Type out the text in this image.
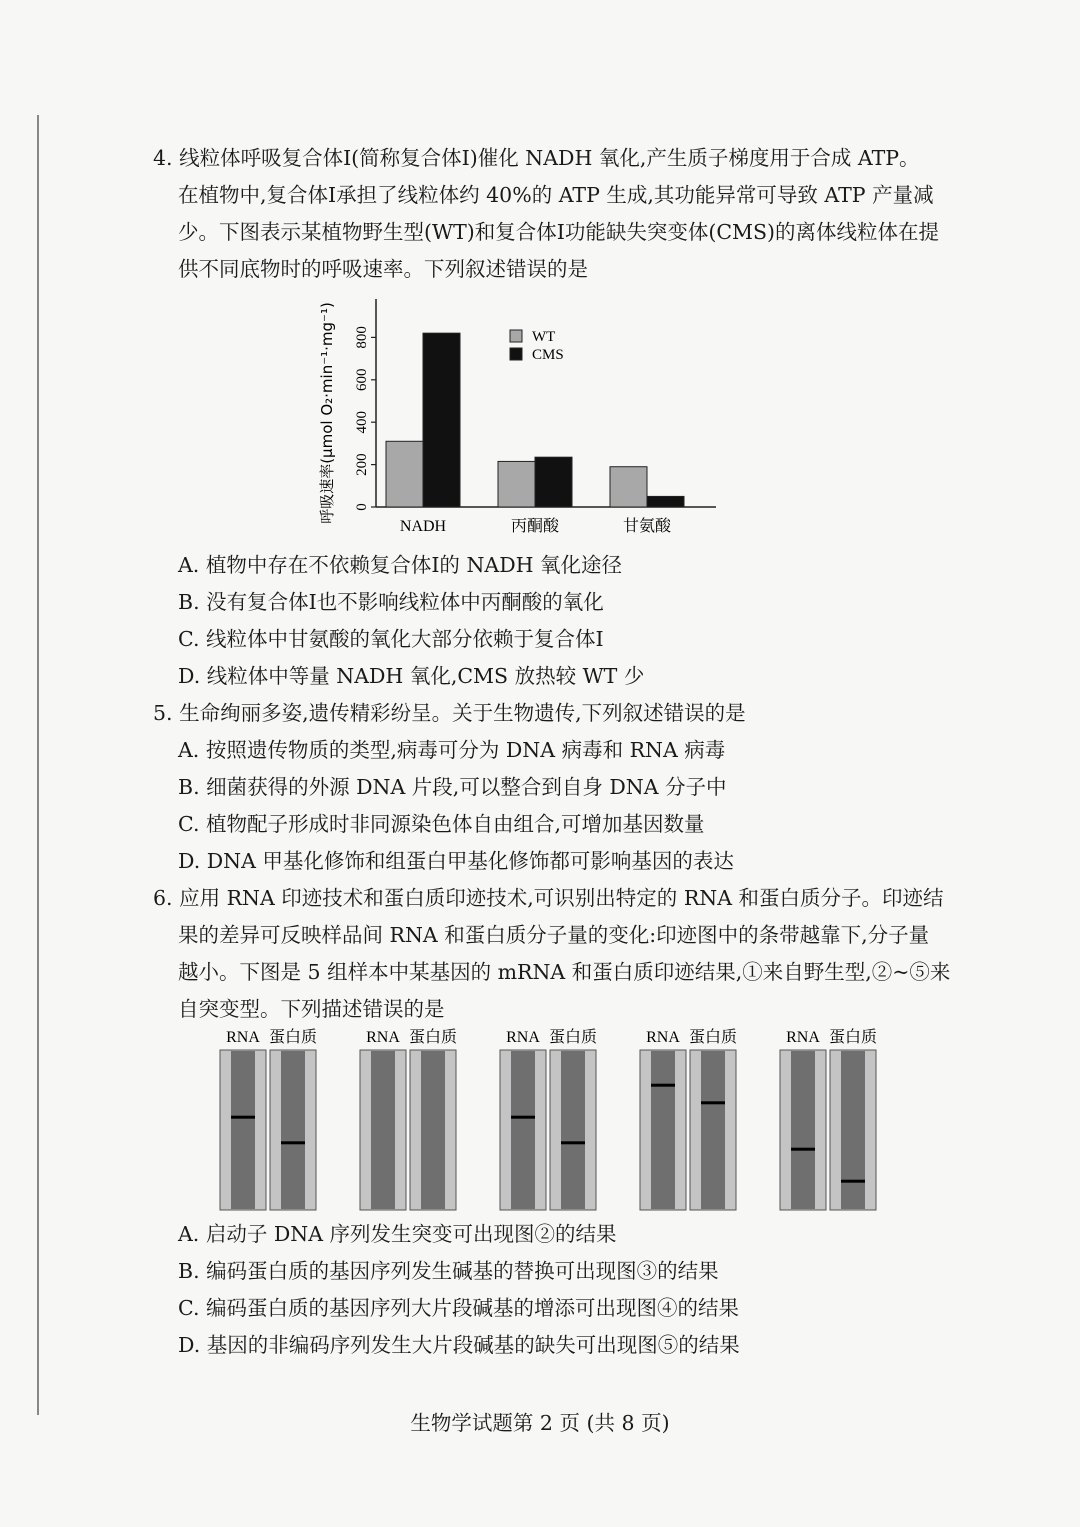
4. 线粒体呼吸复合体Ⅰ(简称复合体Ⅰ)催化 NADH 氧化,产生质子梯度用于合成 ATP。
在植物中,复合体Ⅰ承担了线粒体约 40%的 ATP 生成,其功能异常可导致 ATP 产量减
少。下图表示某植物野生型(WT)和复合体Ⅰ功能缺失突变体(CMS)的离体线粒体在提
供不同底物时的呼吸速率。下列叙述错误的是
0
200
400
600
800
呼吸速率(μmol O₂·min⁻¹·mg⁻¹)
NADH	丙酮酸	甘氨酸
WT
CMS
A. 植物中存在不依赖复合体Ⅰ的 NADH 氧化途径
B. 没有复合体Ⅰ也不影响线粒体中丙酮酸的氧化
C. 线粒体中甘氨酸的氧化大部分依赖于复合体Ⅰ
D. 线粒体中等量 NADH 氧化,CMS 放热较 WT 少
5. 生命绚丽多姿,遗传精彩纷呈。关于生物遗传,下列叙述错误的是
A. 按照遗传物质的类型,病毒可分为 DNA 病毒和 RNA 病毒
B. 细菌获得的外源 DNA 片段,可以整合到自身 DNA 分子中
C. 植物配子形成时非同源染色体自由组合,可增加基因数量
D. DNA 甲基化修饰和组蛋白甲基化修饰都可影响基因的表达
6. 应用 RNA 印迹技术和蛋白质印迹技术,可识别出特定的 RNA 和蛋白质分子。印迹结
果的差异可反映样品间 RNA 和蛋白质分子量的变化:印迹图中的条带越靠下,分子量
越小。下图是 5 组样本中某基因的 mRNA 和蛋白质印迹结果,①来自野生型,②~⑤来
自突变型。下列描述错误的是
RNA 蛋白质	RNA 蛋白质	RNA 蛋白质	RNA 蛋白质	RNA 蛋白质
A. 启动子 DNA 序列发生突变可出现图②的结果
B. 编码蛋白质的基因序列发生碱基的替换可出现图③的结果
C. 编码蛋白质的基因序列大片段碱基的增添可出现图④的结果
D. 基因的非编码序列发生大片段碱基的缺失可出现图⑤的结果
生物学试题第 2 页 (共 8 页)
